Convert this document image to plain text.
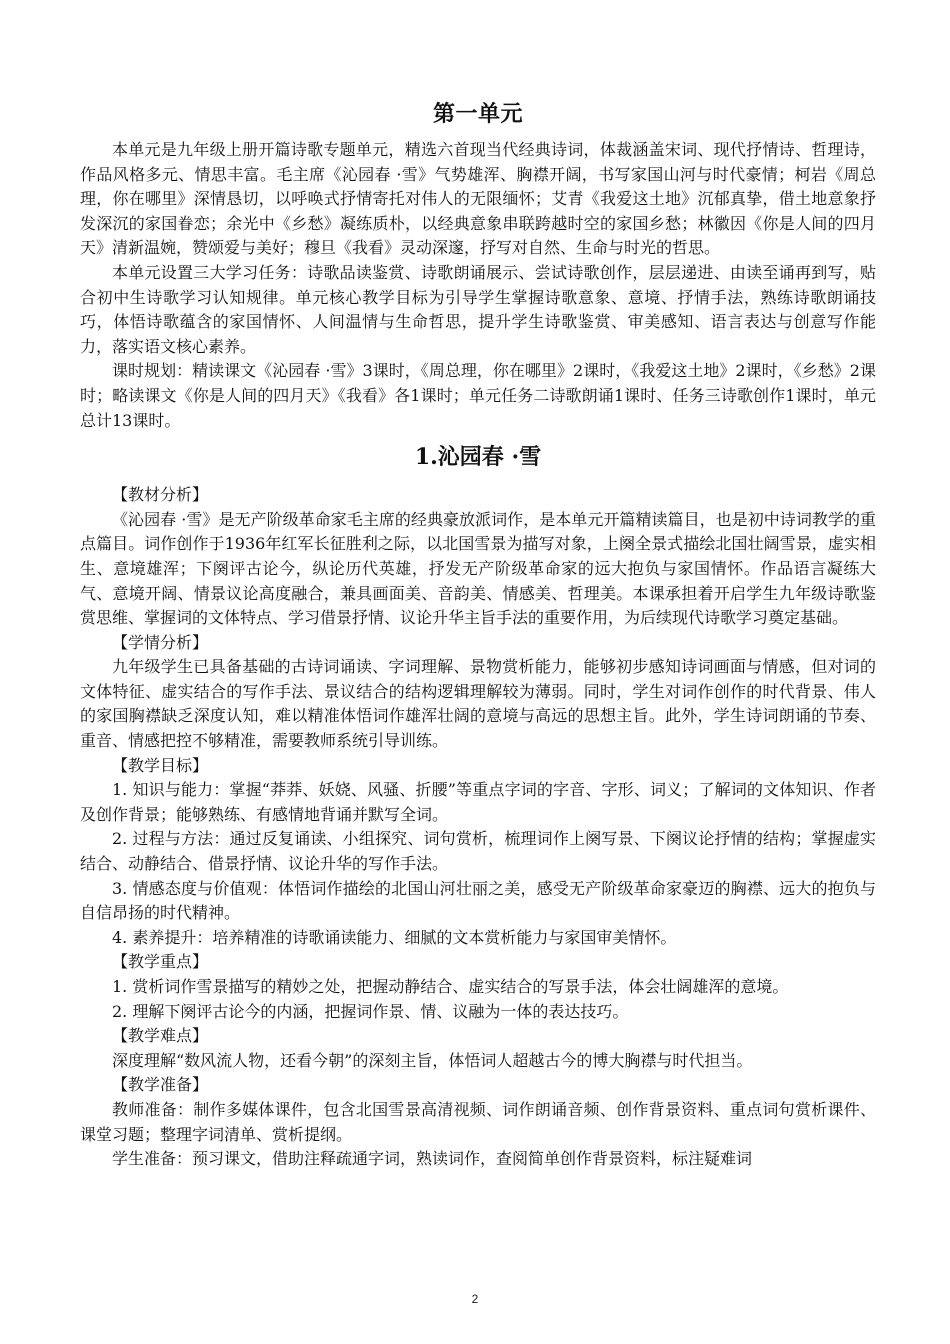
第一单元

本单元是九年级上册开篇诗歌专题单元，精选六首现当代经典诗词，体裁涵盖宋词、现代抒情诗、哲理诗，作品风格多元、情思丰富。毛主席《沁园春 ·雪》气势雄浑、胸襟开阔，书写家国山河与时代豪情；柯岩《周总理，你在哪里》深情恳切，以呼唤式抒情寄托对伟人的无限缅怀；艾青《我爱这土地》沉郁真挚，借土地意象抒发深沉的家国眷恋；余光中《乡愁》凝练质朴，以经典意象串联跨越时空的家国乡愁；林徽因《你是人间的四月天》清新温婉，赞颂爱与美好；穆旦《我看》灵动深邃，抒写对自然、生命与时光的哲思。

本单元设置三大学习任务：诗歌品读鉴赏、诗歌朗诵展示、尝试诗歌创作，层层递进、由读至诵再到写，贴合初中生诗歌学习认知规律。单元核心教学目标为引导学生掌握诗歌意象、意境、抒情手法，熟练诗歌朗诵技巧，体悟诗歌蕴含的家国情怀、人间温情与生命哲思，提升学生诗歌鉴赏、审美感知、语言表达与创意写作能力，落实语文核心素养。

课时规划：精读课文《沁园春 ·雪》3课时，《周总理，你在哪里》2课时，《我爱这土地》2课时，《乡愁》2课时；略读课文《你是人间的四月天》《我看》各1课时；单元任务二诗歌朗诵1课时、任务三诗歌创作1课时，单元总计13课时。

1.沁园春 ·雪

【教材分析】

《沁园春 ·雪》是无产阶级革命家毛主席的经典豪放派词作，是本单元开篇精读篇目，也是初中诗词教学的重点篇目。词作创作于1936年红军长征胜利之际，以北国雪景为描写对象，上阕全景式描绘北国壮阔雪景，虚实相生、意境雄浑；下阕评古论今，纵论历代英雄，抒发无产阶级革命家的远大抱负与家国情怀。作品语言凝练大气、意境开阔、情景议论高度融合，兼具画面美、音韵美、情感美、哲理美。本课承担着开启学生九年级诗歌鉴赏思维、掌握词的文体特点、学习借景抒情、议论升华主旨手法的重要作用，为后续现代诗歌学习奠定基础。

【学情分析】

九年级学生已具备基础的古诗词诵读、字词理解、景物赏析能力，能够初步感知诗词画面与情感，但对词的文体特征、虚实结合的写作手法、景议结合的结构逻辑理解较为薄弱。同时，学生对词作创作的时代背景、伟人的家国胸襟缺乏深度认知，难以精准体悟词作雄浑壮阔的意境与高远的思想主旨。此外，学生诗词朗诵的节奏、重音、情感把控不够精准，需要教师系统引导训练。

【教学目标】

1. 知识与能力：掌握“莽莽、妖娆、风骚、折腰”等重点字词的字音、字形、词义；了解词的文体知识、作者及创作背景；能够熟练、有感情地背诵并默写全词。

2. 过程与方法：通过反复诵读、小组探究、词句赏析，梳理词作上阕写景、下阕议论抒情的结构；掌握虚实结合、动静结合、借景抒情、议论升华的写作手法。

3. 情感态度与价值观：体悟词作描绘的北国山河壮丽之美，感受无产阶级革命家豪迈的胸襟、远大的抱负与自信昂扬的时代精神。

4. 素养提升：培养精准的诗歌诵读能力、细腻的文本赏析能力与家国审美情怀。

【教学重点】

1. 赏析词作雪景描写的精妙之处，把握动静结合、虚实结合的写景手法，体会壮阔雄浑的意境。

2. 理解下阕评古论今的内涵，把握词作景、情、议融为一体的表达技巧。

【教学难点】

深度理解“数风流人物，还看今朝”的深刻主旨，体悟词人超越古今的博大胸襟与时代担当。

【教学准备】

教师准备：制作多媒体课件，包含北国雪景高清视频、词作朗诵音频、创作背景资料、重点词句赏析课件、课堂习题；整理字词清单、赏析提纲。

学生准备：预习课文，借助注释疏通字词，熟读词作，查阅简单创作背景资料，标注疑难词

2
